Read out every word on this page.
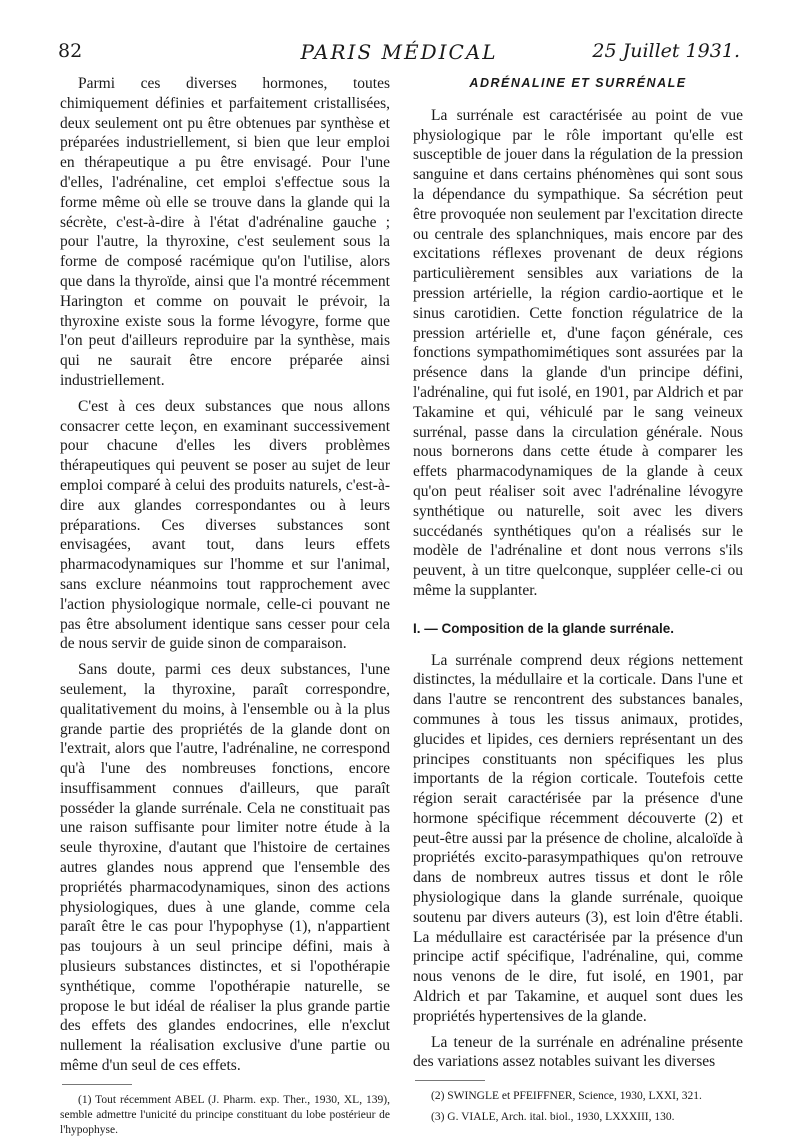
82	PARIS MÉDICAL	25 Juillet 1931.

Parmi ces diverses hormones, toutes chimiquement définies et parfaitement cristallisées, deux seulement ont pu être obtenues par synthèse et préparées industriellement, si bien que leur emploi en thérapeutique a pu être envisagé. Pour l'une d'elles, l'adrénaline, cet emploi s'effectue sous la forme même où elle se trouve dans la glande qui la sécrète, c'est-à-dire à l'état d'adrénaline gauche ; pour l'autre, la thyroxine, c'est seulement sous la forme de composé racémique qu'on l'utilise, alors que dans la thyroïde, ainsi que l'a montré récemment Harington et comme on pouvait le prévoir, la thyroxine existe sous la forme lévogyre, forme que l'on peut d'ailleurs reproduire par la synthèse, mais qui ne saurait être encore préparée ainsi industriellement.

C'est à ces deux substances que nous allons consacrer cette leçon, en examinant successivement pour chacune d'elles les divers problèmes thérapeutiques qui peuvent se poser au sujet de leur emploi comparé à celui des produits naturels, c'est-à-dire aux glandes correspondantes ou à leurs préparations. Ces diverses substances sont envisagées, avant tout, dans leurs effets pharmacodynamiques sur l'homme et sur l'animal, sans exclure néanmoins tout rapprochement avec l'action physiologique normale, celle-ci pouvant ne pas être absolument identique sans cesser pour cela de nous servir de guide sinon de comparaison.

Sans doute, parmi ces deux substances, l'une seulement, la thyroxine, paraît correspondre, qualitativement du moins, à l'ensemble ou à la plus grande partie des propriétés de la glande dont on l'extrait, alors que l'autre, l'adrénaline, ne correspond qu'à l'une des nombreuses fonctions, encore insuffisamment connues d'ailleurs, que paraît posséder la glande surrénale. Cela ne constituait pas une raison suffisante pour limiter notre étude à la seule thyroxine, d'autant que l'histoire de certaines autres glandes nous apprend que l'ensemble des propriétés pharmacodynamiques, sinon des actions physiologiques, dues à une glande, comme cela paraît être le cas pour l'hypophyse (1), n'appartient pas toujours à un seul principe défini, mais à plusieurs substances distinctes, et si l'opothérapie synthétique, comme l'opothérapie naturelle, se propose le but idéal de réaliser la plus grande partie des effets des glandes endocrines, elle n'exclut nullement la réalisation exclusive d'une partie ou même d'un seul de ces effets.

(1) Tout récemment ABEL (J. Pharm. exp. Ther., 1930, XL, 139), semble admettre l'unicité du principe constituant du lobe postérieur de l'hypophyse.

ADRÉNALINE ET SURRÉNALE

La surrénale est caractérisée au point de vue physiologique par le rôle important qu'elle est susceptible de jouer dans la régulation de la pression sanguine et dans certains phénomènes qui sont sous la dépendance du sympathique. Sa sécrétion peut être provoquée non seulement par l'excitation directe ou centrale des splanchniques, mais encore par des excitations réflexes provenant de deux régions particulièrement sensibles aux variations de la pression artérielle, la région cardio-aortique et le sinus carotidien. Cette fonction régulatrice de la pression artérielle et, d'une façon générale, ces fonctions sympathomimétiques sont assurées par la présence dans la glande d'un principe défini, l'adrénaline, qui fut isolé, en 1901, par Aldrich et par Takamine et qui, véhiculé par le sang veineux surrénal, passe dans la circulation générale. Nous nous bornerons dans cette étude à comparer les effets pharmacodynamiques de la glande à ceux qu'on peut réaliser soit avec l'adrénaline lévogyre synthétique ou naturelle, soit avec les divers succédanés synthétiques qu'on a réalisés sur le modèle de l'adrénaline et dont nous verrons s'ils peuvent, à un titre quelconque, suppléer celle-ci ou même la supplanter.

I. — Composition de la glande surrénale.

La surrénale comprend deux régions nettement distinctes, la médullaire et la corticale. Dans l'une et dans l'autre se rencontrent des substances banales, communes à tous les tissus animaux, protides, glucides et lipides, ces derniers représentant un des principes constituants non spécifiques les plus importants de la région corticale. Toutefois cette région serait caractérisée par la présence d'une hormone spécifique récemment découverte (2) et peut-être aussi par la présence de choline, alcaloïde à propriétés excito-parasympathiques qu'on retrouve dans de nombreux autres tissus et dont le rôle physiologique dans la glande surrénale, quoique soutenu par divers auteurs (3), est loin d'être établi. La médullaire est caractérisée par la présence d'un principe actif spécifique, l'adrénaline, qui, comme nous venons de le dire, fut isolé, en 1901, par Aldrich et par Takamine, et auquel sont dues les propriétés hypertensives de la glande.

La teneur de la surrénale en adrénaline présente des variations assez notables suivant les diverses

(2) SWINGLE et PFEIFFNER, Science, 1930, LXXI, 321.

(3) G. VIALE, Arch. ital. biol., 1930, LXXXIII, 130.
